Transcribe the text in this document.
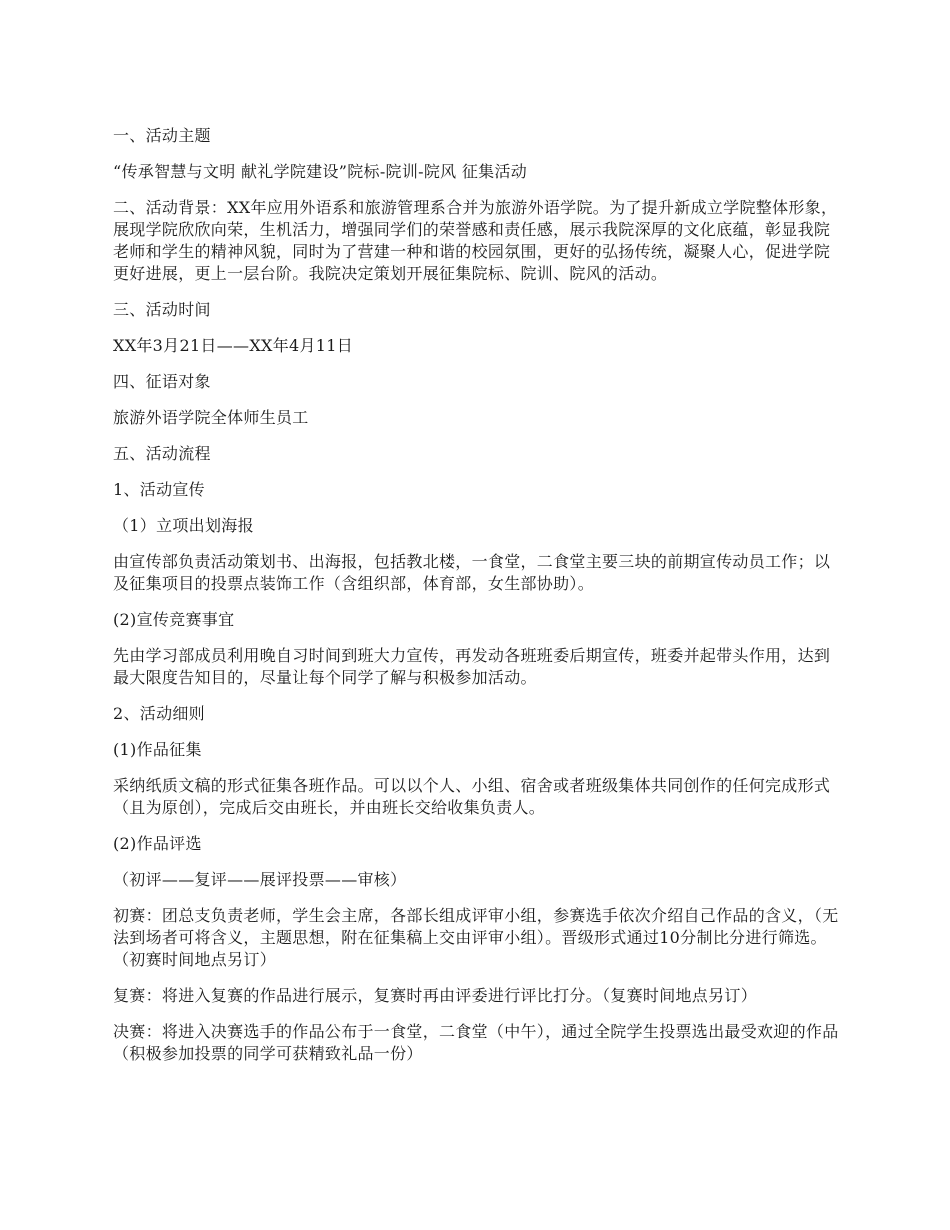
一、活动主题

“传承智慧与文明 献礼学院建设”院标-院训-院风 征集活动

二、活动背景：XX年应用外语系和旅游管理系合并为旅游外语学院。为了提升新成立学院整体形象，展现学院欣欣向荣，生机活力，增强同学们的荣誉感和责任感，展示我院深厚的文化底蕴，彰显我院老师和学生的精神风貌，同时为了营建一种和谐的校园氛围，更好的弘扬传统，凝聚人心，促进学院更好进展，更上一层台阶。我院决定策划开展征集院标、院训、院风的活动。

三、活动时间

XX年3月21日——XX年4月11日

四、征语对象

旅游外语学院全体师生员工

五、活动流程

1、活动宣传

（1）立项出划海报

由宣传部负责活动策划书、出海报，包括教北楼，一食堂，二食堂主要三块的前期宣传动员工作；以及征集项目的投票点装饰工作（含组织部，体育部，女生部协助）。

(2)宣传竞赛事宜

先由学习部成员利用晚自习时间到班大力宣传，再发动各班班委后期宣传，班委并起带头作用，达到最大限度告知目的，尽量让每个同学了解与积极参加活动。

2、活动细则

(1)作品征集

采纳纸质文稿的形式征集各班作品。可以以个人、小组、宿舍或者班级集体共同创作的任何完成形式（且为原创），完成后交由班长，并由班长交给收集负责人。

(2)作品评选

（初评——复评——展评投票——审核）

初赛：团总支负责老师，学生会主席，各部长组成评审小组，参赛选手依次介绍自己作品的含义，（无法到场者可将含义，主题思想，附在征集稿上交由评审小组）。晋级形式通过10分制比分进行筛选。（初赛时间地点另订）

复赛：将进入复赛的作品进行展示，复赛时再由评委进行评比打分。（复赛时间地点另订）

决赛：将进入决赛选手的作品公布于一食堂，二食堂（中午），通过全院学生投票选出最受欢迎的作品（积极参加投票的同学可获精致礼品一份）
